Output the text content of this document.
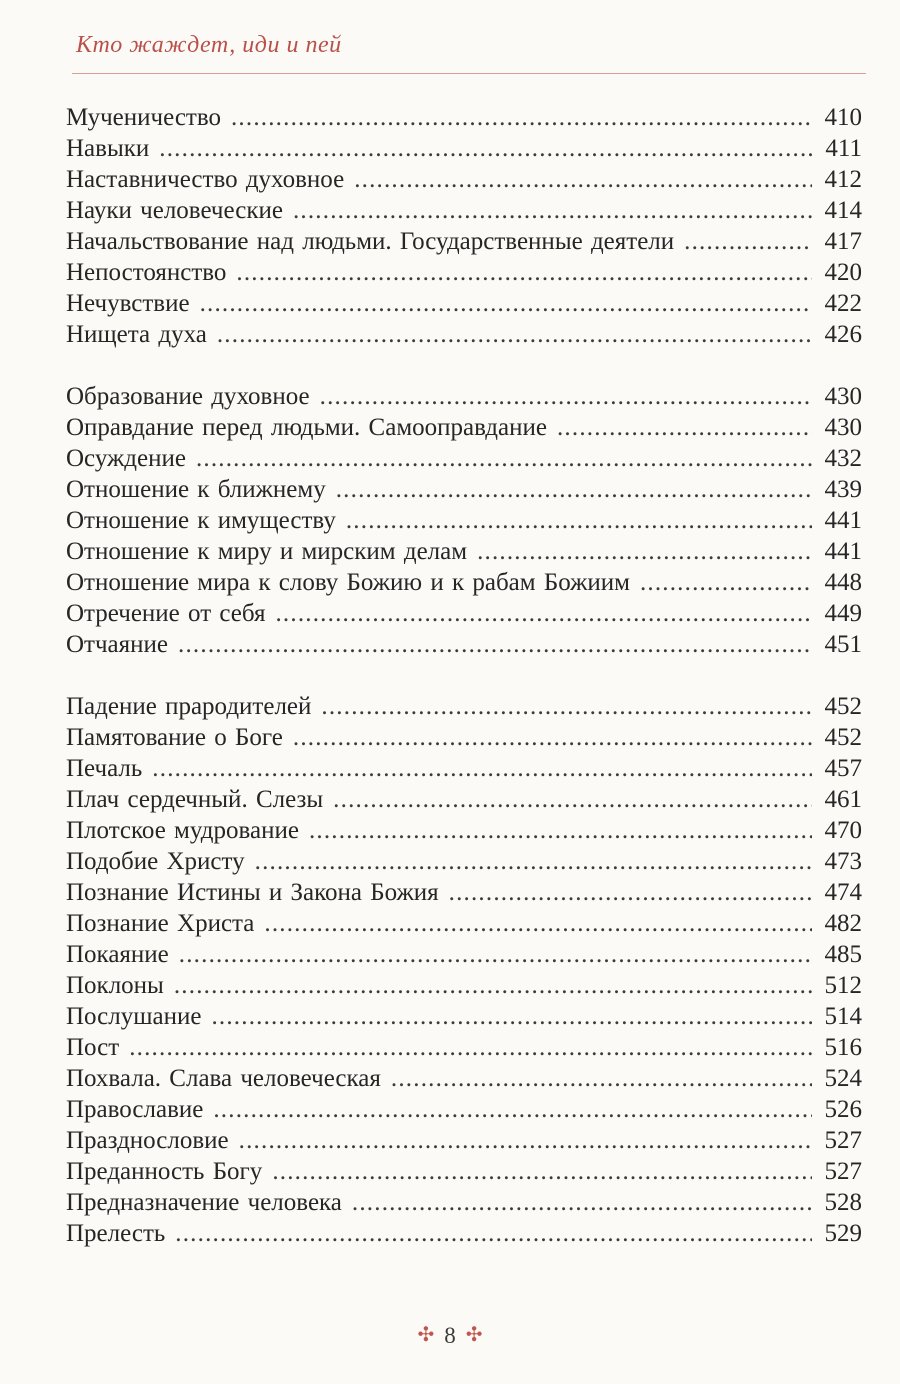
Кто жаждет, иди и пей
Мученичество .....	410
Навыки .....	411
Наставничество духовное .....	412
Науки человеческие .....	414
Начальствование над людьми. Государственные деятели .....	417
Непостоянство .....	420
Нечувствие .....	422
Нищета духа .....	426
Образование духовное .....	430
Оправдание перед людьми. Самооправдание .....	430
Осуждение .....	432
Отношение к ближнему .....	439
Отношение к имуществу .....	441
Отношение к миру и мирским делам .....	441
Отношение мира к слову Божию и к рабам Божиим .....	448
Отречение от себя .....	449
Отчаяние .....	451
Падение прародителей .....	452
Памятование о Боге .....	452
Печаль .....	457
Плач сердечный. Слезы .....	461
Плотское мудрование .....	470
Подобие Христу .....	473
Познание Истины и Закона Божия .....	474
Познание Христа .....	482
Покаяние .....	485
Поклоны .....	512
Послушание .....	514
Пост .....	516
Похвала. Слава человеческая .....	524
Православие .....	526
Празднословие .....	527
Преданность Богу .....	527
Предназначение человека .....	528
Прелесть .....	529
✣ 8 ✣
